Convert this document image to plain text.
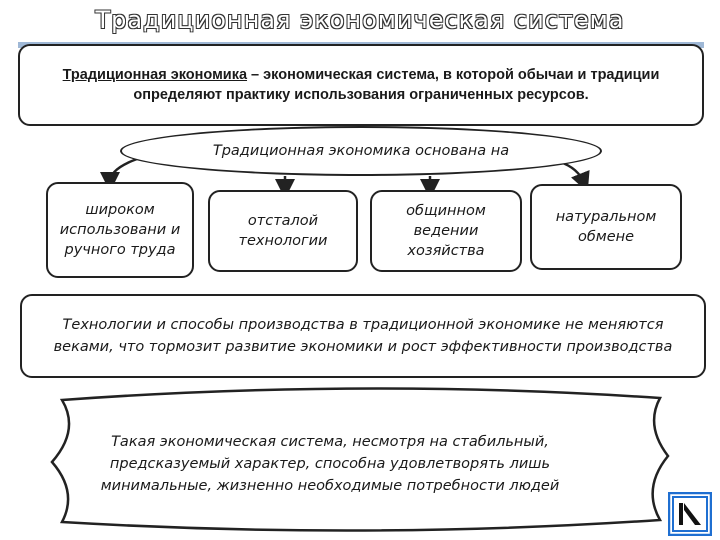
Традиционная экономическая система
Традиционная экономика – экономическая система, в которой обычаи и традиции определяют практику использования ограниченных ресурсов.
Традиционная экономика основана на
широком использовани и ручного труда
отсталой технологии
общинном ведении хозяйства
натуральном обмене
Технологии и способы производства в традиционной экономике не меняются веками, что тормозит развитие экономики и рост эффективности производства
Такая экономическая система, несмотря на стабильный, предсказуемый характер, способна удовлетворять лишь минимальные, жизненно необходимые потребности людей
